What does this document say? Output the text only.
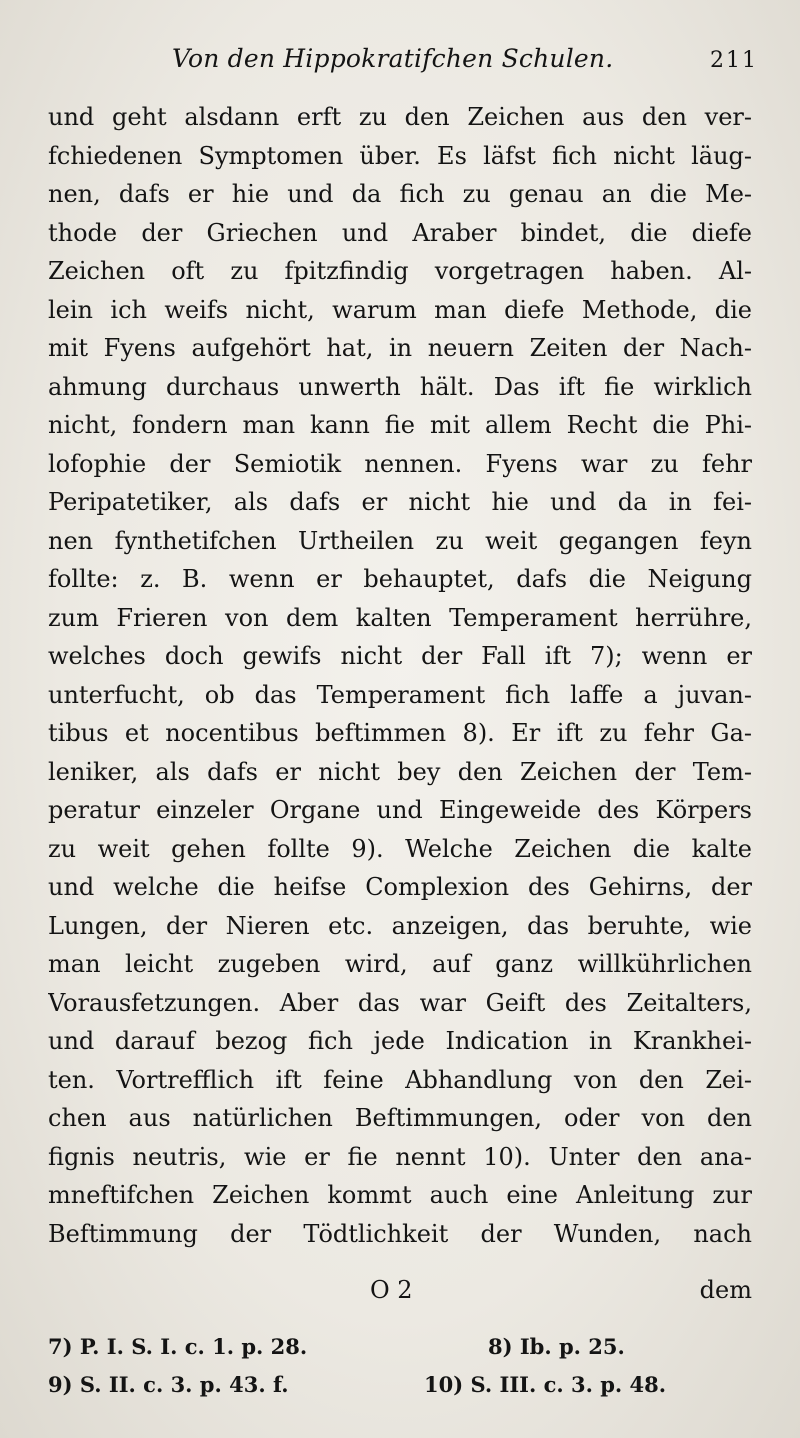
Von den Hippokratifchen Schulen.	211
und geht alsdann erft zu den Zeichen aus den ver-
fchiedenen Symptomen über. Es läfst fich nicht läug-
nen, dafs er hie und da fich zu genau an die Me-
thode der Griechen und Araber bindet, die diefe
Zeichen oft zu fpitzfindig vorgetragen haben. Al-
lein ich weifs nicht, warum man diefe Methode, die
mit Fyens aufgehört hat, in neuern Zeiten der Nach-
ahmung durchaus unwerth hält. Das ift fie wirklich
nicht, fondern man kann fie mit allem Recht die Phi-
lofophie der Semiotik nennen. Fyens war zu fehr
Peripatetiker, als dafs er nicht hie und da in fei-
nen fynthetifchen Urtheilen zu weit gegangen feyn
follte: z. B. wenn er behauptet, dafs die Neigung
zum Frieren von dem kalten Temperament herrühre,
welches doch gewifs nicht der Fall ift 7); wenn er
unterfucht, ob das Temperament fich laffe a juvan-
tibus et nocentibus beftimmen 8). Er ift zu fehr Ga-
leniker, als dafs er nicht bey den Zeichen der Tem-
peratur einzeler Organe und Eingeweide des Körpers
zu weit gehen follte 9). Welche Zeichen die kalte
und welche die heifse Complexion des Gehirns, der
Lungen, der Nieren etc. anzeigen, das beruhte, wie
man leicht zugeben wird, auf ganz willkührlichen
Vorausfetzungen. Aber das war Geift des Zeitalters,
und darauf bezog fich jede Indication in Krankhei-
ten. Vortrefflich ift feine Abhandlung von den Zei-
chen aus natürlichen Beftimmungen, oder von den
fignis neutris, wie er fie nennt 10). Unter den ana-
mneftifchen Zeichen kommt auch eine Anleitung zur
Beftimmung der Tödtlichkeit der Wunden, nach
O 2	dem
7) P. I. S. I. c. 1. p. 28.	8) Ib. p. 25.
9) S. II. c. 3. p. 43. f.	10) S. III. c. 3. p. 48.
